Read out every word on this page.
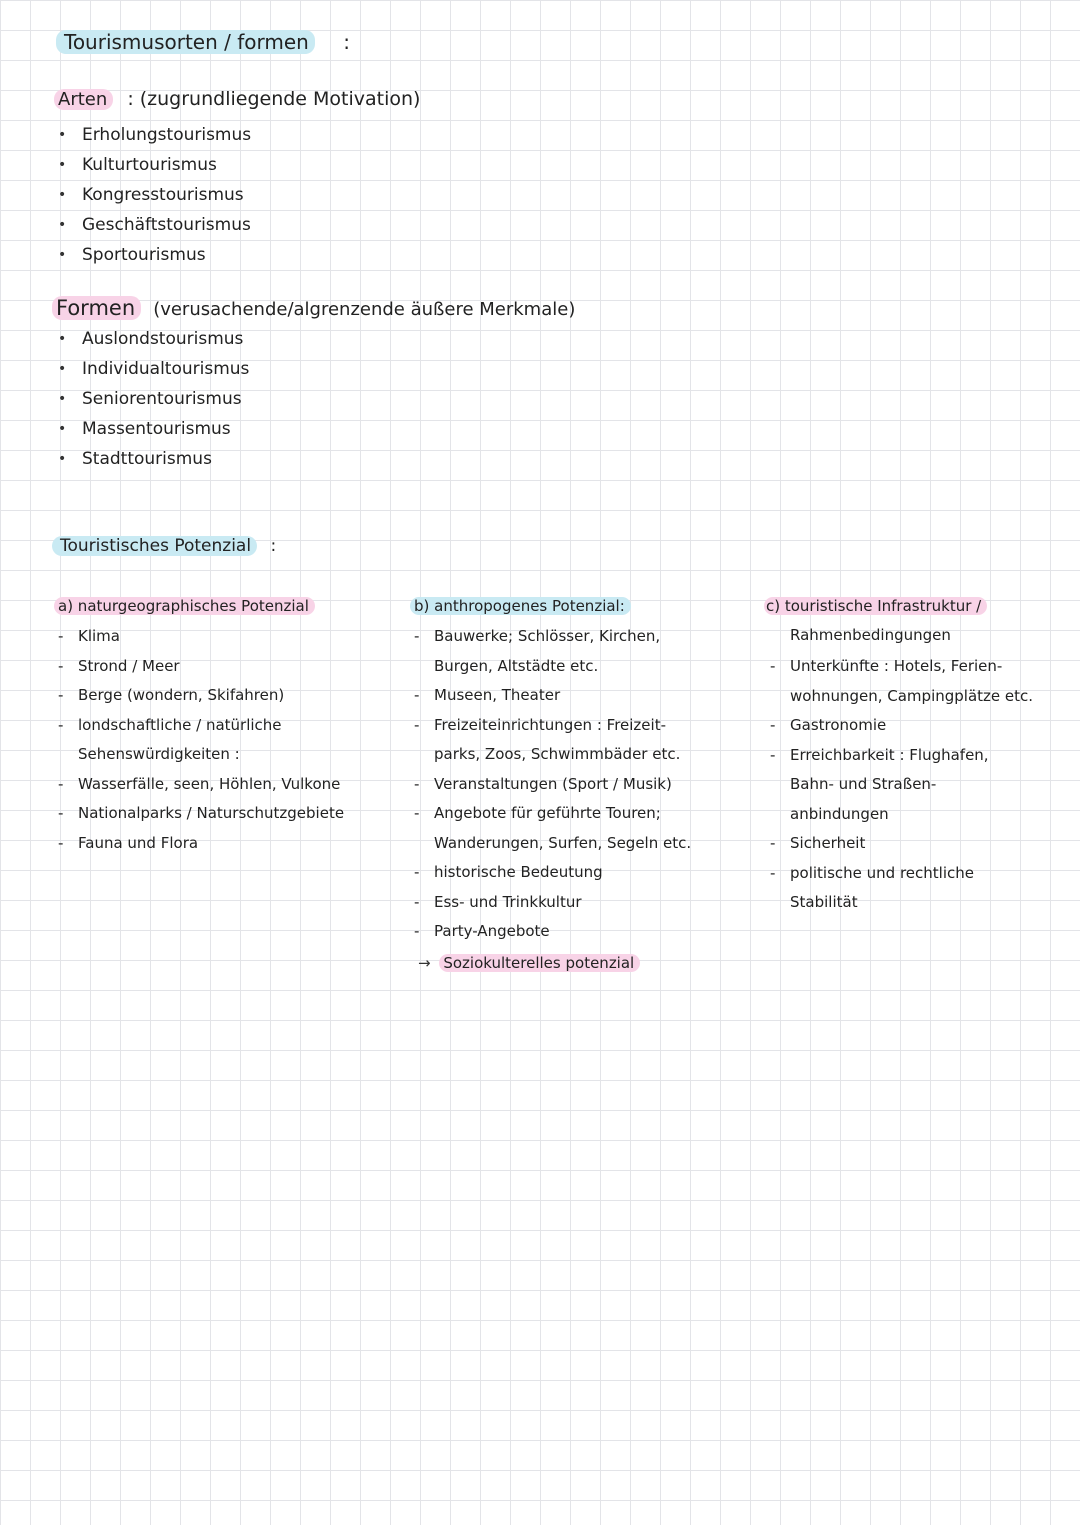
Tourismusorten / formen :
Arten : (zugrundliegende Motivation)
• Erholungstourismus
• Kulturtourismus
• Kongresstourismus
• Geschäftstourismus
• Sportourismus
Formen (verusachende/algrenzende äußere Merkmale)
• Auslondstourismus
• Individualtourismus
• Seniorentourismus
• Massentourismus
• Stadttourismus
Touristisches Potenzial :
a) naturgeographisches Potenzial
- Klima
- Strond / Meer
- Berge (wondern, Skifahren)
- londschaftliche / natürliche
Sehenswürdigkeiten :
- Wasserfälle, seen, Höhlen, Vulkone
- Nationalparks / Naturschutzgebiete
- Fauna und Flora
b) anthropogenes Potenzial:
- Bauwerke; Schlösser, Kirchen,
Burgen, Altstädte etc.
- Museen, Theater
- Freizeiteinrichtungen : Freizeit-
parks, Zoos, Schwimmbäder etc.
- Veranstaltungen (Sport / Musik)
- Angebote für geführte Touren;
Wanderungen, Surfen, Segeln etc.
- historische Bedeutung
- Ess- und Trinkkultur
- Party-Angebote
→ Soziokulterelles potenzial
c) touristische Infrastruktur /
Rahmenbedingungen
- Unterkünfte : Hotels, Ferien-
wohnungen, Campingplätze etc.
- Gastronomie
- Erreichbarkeit : Flughafen,
Bahn- und Straßen-
anbindungen
- Sicherheit
- politische und rechtliche
Stabilität
